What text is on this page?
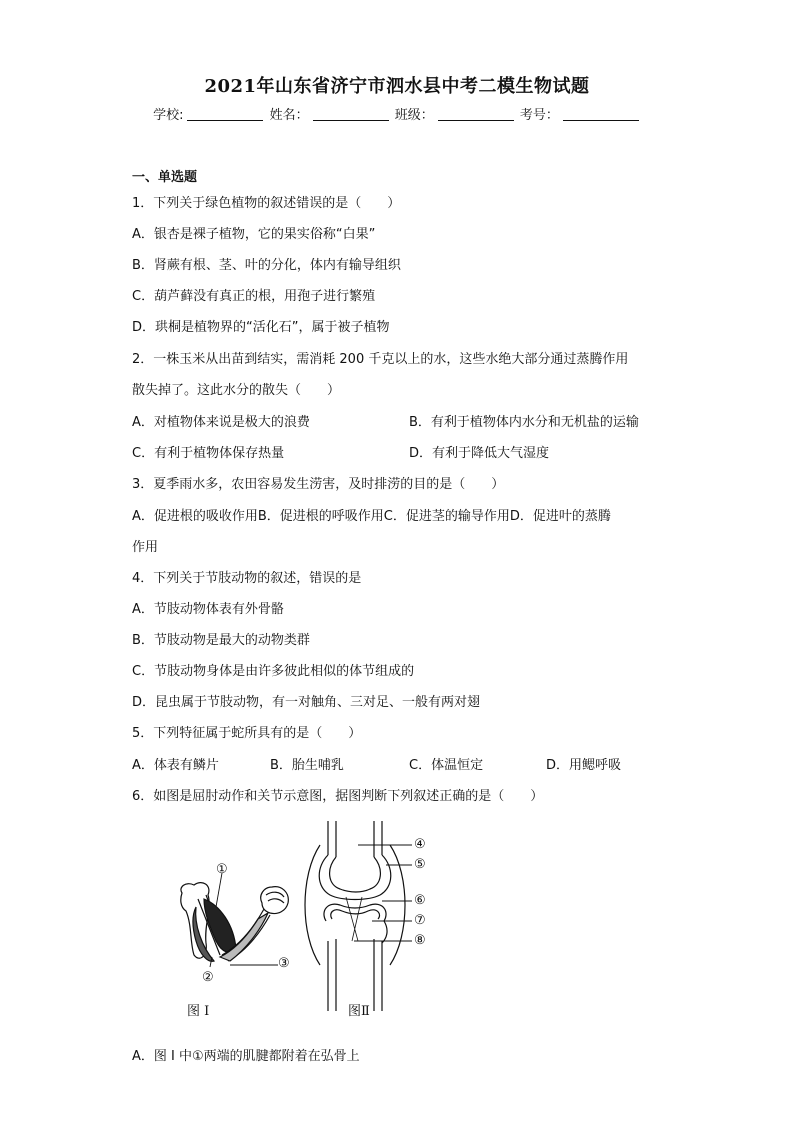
2021年山东省济宁市泗水县中考二模生物试题
学校:	姓名：	班级：	考号：
一、单选题
1．下列关于绿色植物的叙述错误的是（　　）
A．银杏是裸子植物，它的果实俗称“白果”
B．肾蕨有根、茎、叶的分化，体内有输导组织
C．葫芦藓没有真正的根，用孢子进行繁殖
D．珙桐是植物界的“活化石”，属于被子植物
2．一株玉米从出苗到结实，需消耗 200 千克以上的水，这些水绝大部分通过蒸腾作用
散失掉了。这此水分的散失（　　）
A．对植物体来说是极大的浪费	B．有利于植物体内水分和无机盐的运输
C．有利于植物体保存热量	D．有利于降低大气湿度
3．夏季雨水多，农田容易发生涝害，及时排涝的目的是（　　）
A．促进根的吸收作用B．促进根的呼吸作用C．促进茎的输导作用D．促进叶的蒸腾
作用
4．下列关于节肢动物的叙述，错误的是
A．节肢动物体表有外骨骼
B．节肢动物是最大的动物类群
C．节肢动物身体是由许多彼此相似的体节组成的
D．昆虫属于节肢动物，有一对触角、三对足、一般有两对翅
5．下列特征属于蛇所具有的是（　　）
A．体表有鳞片	B．胎生哺乳	C．体温恒定	D．用鳃呼吸
6．如图是屈肘动作和关节示意图，据图判断下列叙述正确的是（　　）
①
②
③
④
⑤
⑥
⑦
⑧
图 I	图Ⅱ
A．图 I 中①两端的肌腱都附着在弘骨上
